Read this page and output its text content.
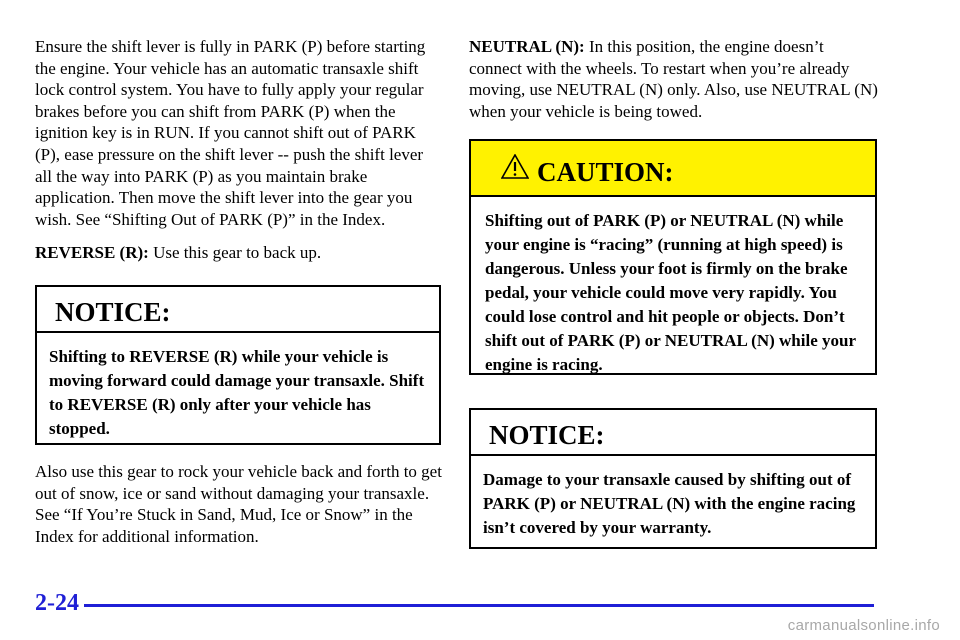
Ensure the shift lever is fully in PARK (P) before starting the engine. Your vehicle has an automatic transaxle shift lock control system. You have to fully apply your regular brakes before you can shift from PARK (P) when the ignition key is in RUN. If you cannot shift out of PARK (P), ease pressure on the shift lever -- push the shift lever all the way into PARK (P) as you maintain brake application. Then move the shift lever into the gear you wish. See “Shifting Out of PARK (P)” in the Index.

REVERSE (R): Use this gear to back up.

NOTICE:
Shifting to REVERSE (R) while your vehicle is moving forward could damage your transaxle. Shift to REVERSE (R) only after your vehicle has stopped.

Also use this gear to rock your vehicle back and forth to get out of snow, ice or sand without damaging your transaxle. See “If You’re Stuck in Sand, Mud, Ice or Snow” in the Index for additional information.

NEUTRAL (N): In this position, the engine doesn’t connect with the wheels. To restart when you’re already moving, use NEUTRAL (N) only. Also, use NEUTRAL (N) when your vehicle is being towed.

CAUTION:
Shifting out of PARK (P) or NEUTRAL (N) while your engine is “racing” (running at high speed) is dangerous. Unless your foot is firmly on the brake pedal, your vehicle could move very rapidly. You could lose control and hit people or objects. Don’t shift out of PARK (P) or NEUTRAL (N) while your engine is racing.
NOTICE:
Damage to your transaxle caused by shifting out of PARK (P) or NEUTRAL (N) with the engine racing isn’t covered by your warranty.
2-24
carmanualsonline.info
